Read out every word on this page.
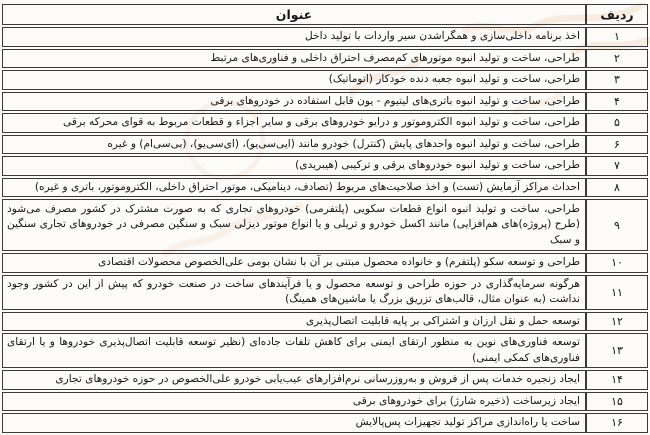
ردیف	عنوان
۱	اخذ برنامه داخلی‌سازی و همگراشدن سیر واردات با تولید داخل
۲	طراحی، ساخت و تولید انبوه موتورهای کم‌مصرف احتراق داخلی و فناوری‌های مرتبط
۳	طراحی، ساخت و تولید انبوه جعبه دنده خودکار (اتوماتیک)
۴	طراحی، ساخت و تولید انبوه باتری‌های لیتیوم - یون قابل استفاده در خودروهای برقی
۵	طراحی، ساخت و تولید انبوه الکتروموتور و درایو خودروهای برقی و سایر اجزاء و قطعات مربوط به قوای محرکه برقی
۶	طراحی، ساخت و تولید انبوه واحدهای پایش (کنترل) خودرو مانند (ایی‌سی‌یو)، (ای‌سی‌یو)، (بی‌سی‌ام) و غیره
۷	طراحی، ساخت و تولید انبوه خودروهای برقی و ترکیبی (هیبریدی)
۸	احداث مراکز آزمایش (تست) و اخذ صلاحیت‌های مربوط (تصادف، دینامیکی، موتور احتراق داخلی، الکتروموتور، باتری و غیره)
۹	طراحی، ساخت و تولید انبوه انواع قطعات سکویی (پلتفرمی) خودروهای تجاری که به صورت مشترک در کشور مصرف می‌شود (طرح (پروژه)های هم‌افزایی) مانند اکسل خودرو و تریلی و یا انواع موتور دیزلی سبک و سنگین مصرفی در خودروهای تجاری سنگین و سبک
۱۰	طراحی و توسعه سکو (پلتفرم) و خانواده محصول مبتنی بر آن با نشان بومی علی‌الخصوص محصولات اقتصادی
۱۱	هرگونه سرمایه‌گذاری در حوزه طراحی و توسعه محصول و یا فرآیندهای ساخت در صنعت خودرو که پیش از این در کشور وجود نداشت (به عنوان مثال، قالب‌های تزریق بزرگ یا ماشین‌های همینگ)
۱۲	توسعه حمل و نقل ارزان و اشتراکی بر پایه قابلیت اتصال‌پذیری
۱۳	توسعه فناوری‌های نوین به منظور ارتقای ایمنی برای کاهش تلفات جاده‌ای (نظیر توسعه قابلیت اتصال‌پذیری خودروها و یا ارتقای فناوری‌های کمکی ایمنی)
۱۴	ایجاد زنجیره خدمات پس از فروش و به‌روزرسانی نرم‌افزارهای عیب‌یابی خودرو علی‌الخصوص در حوزه خودروهای تجاری
۱۵	ایجاد زیرساخت (ذخیره شارژ) برای خودروهای برقی
۱۶	ساخت یا راه‌اندازی مراکز تولید تجهیزات پس‌پالایش
